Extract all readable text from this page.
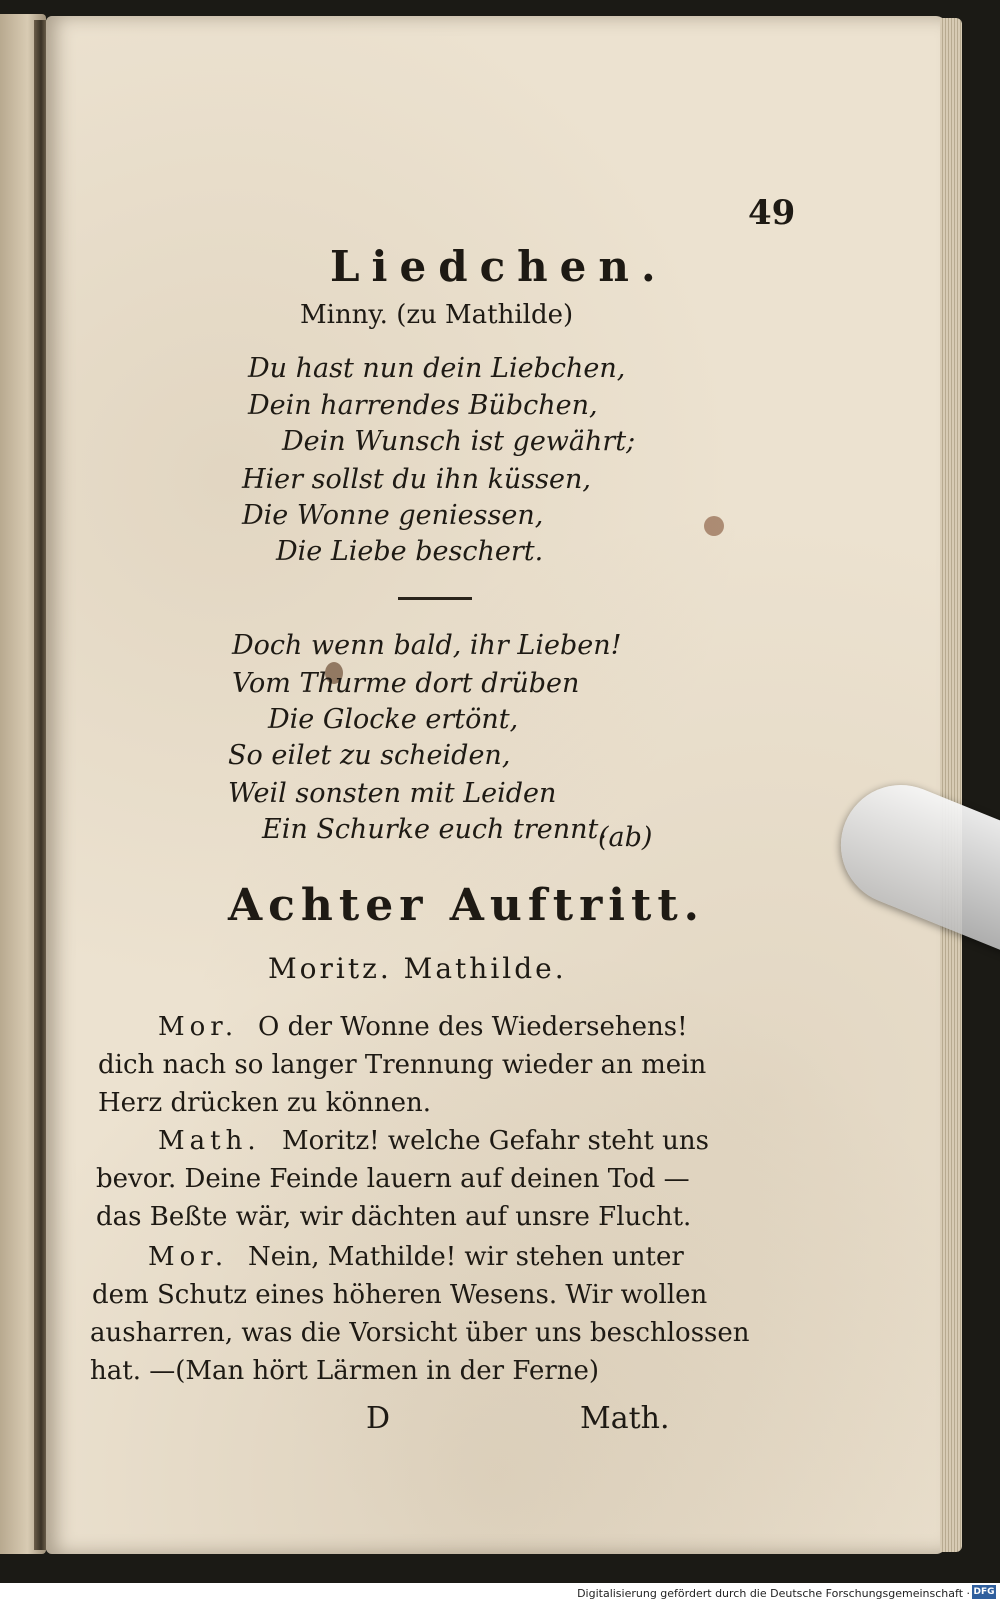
49
Liedchen.
Minny. (zu Mathilde)
Du hast nun dein Liebchen,
Dein harrendes Bübchen,
Dein Wunsch ist gewährt;
Hier sollst du ihn küssen,
Die Wonne geniessen,
Die Liebe beschert.
Doch wenn bald, ihr Lieben!
Vom Thurme dort drüben
Die Glocke ertönt,
So eilet zu scheiden,
Weil sonsten mit Leiden
Ein Schurke euch trennt.
(ab)
Achter Auftritt.
Moritz. Mathilde.
Mor. O der Wonne des Wiedersehens!
dich nach so langer Trennung wieder an mein
Herz drücken zu können.
Math. Moritz! welche Gefahr steht uns
bevor. Deine Feinde lauern auf deinen Tod —
das Beßte wär, wir dächten auf unsre Flucht.
Mor. Nein, Mathilde! wir stehen unter
dem Schutz eines höheren Wesens. Wir wollen
ausharren, was die Vorsicht über uns beschlossen
hat. —(Man hört Lärmen in der Ferne)
D	Math.
Digitalisierung gefördert durch die Deutsche Forschungsgemeinschaft · DFG
